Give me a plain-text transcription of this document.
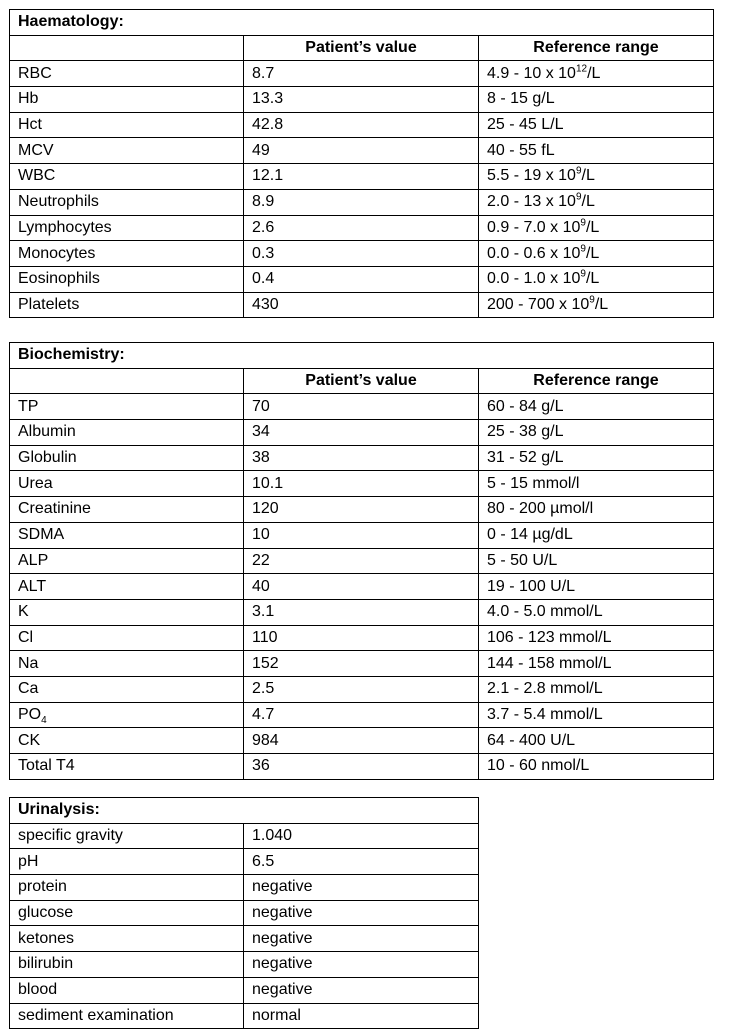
Haematology:		
	Patient’s value	Reference range
RBC	8.7	4.9 - 10 x $10^{12}/L$
Hb	13.3	8 - 15 g/L
Hct	42.8	25 - 45 L/L
MCV	49	40 - 55 fL
WBC	12.1	5.5 - 19 x $10^9/L$
Neutrophils	8.9	2.0 - 13 x $10^9/L$
Lymphocytes	2.6	0.9 - 7.0 x $10^9/L$
Monocytes	0.3	0.0 - 0.6 x $10^9/L$
Eosinophils	0.4	0.0 - 1.0 x $10^9/L$
Platelets	430	200 - 700 x $10^9/L$
Biochemistry:		
	Patient’s value	Reference range
TP	70	60 - 84 g/L
Albumin	34	25 - 38 g/L
Globulin	38	31 - 52 g/L
Urea	10.1	5 - 15 mmol/l
Creatinine	120	80 - 200 µmol/l
SDMA	10	0 - 14 µg/dL
ALP	22	5 - 50 U/L
ALT	40	19 - 100 U/L
K	3.1	4.0 - 5.0 mmol/L
Cl	110	106 - 123 mmol/L
Na	152	144 - 158 mmol/L
Ca	2.5	2.1 - 2.8 mmol/L
$PO_4$	4.7	3.7 - 5.4 mmol/L
CK	984	64 - 400 U/L
Total T4	36	10 - 60 nmol/L
Urinalysis:	
specific gravity	1.040
pH	6.5
protein	negative
glucose	negative
ketones	negative
bilirubin	negative
blood	negative
sediment examination	normal
